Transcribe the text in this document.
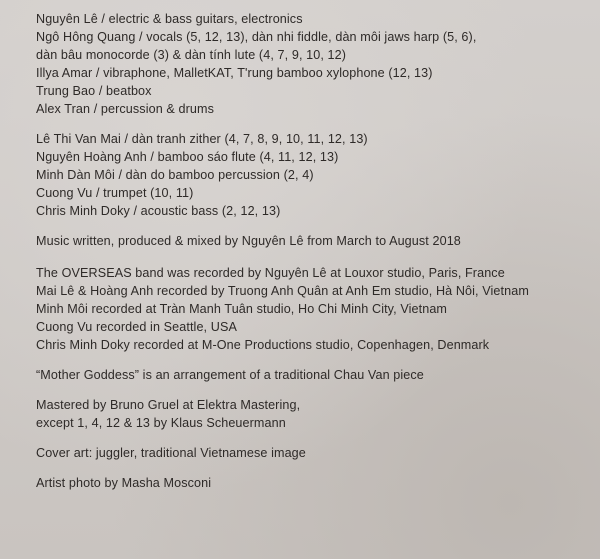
Nguyên Lê / electric & bass guitars, electronics
Ngô Hông Quang / vocals (5, 12, 13), dàn nhi fiddle, dàn môi jaws harp (5, 6),
dàn bâu monocorde (3) & dàn tính lute (4, 7, 9, 10, 12)
Illya Amar / vibraphone, MalletKAT, T'rung bamboo xylophone (12, 13)
Trung Bao / beatbox
Alex Tran / percussion & drums
Lê Thi Van Mai / dàn tranh zither (4, 7, 8, 9, 10, 11, 12, 13)
Nguyên Hoàng Anh / bamboo sáo flute (4, 11, 12, 13)
Minh Dàn Môi / dàn do bamboo percussion (2, 4)
Cuong Vu / trumpet (10, 11)
Chris Minh Doky / acoustic bass (2, 12, 13)
Music written, produced & mixed by Nguyên Lê from March to August 2018
The OVERSEAS band was recorded by Nguyên Lê at Louxor studio, Paris, France
Mai Lê & Hoàng Anh recorded by Truong Anh Quân at Anh Em studio, Hà Nôi, Vietnam
Minh Môi recorded at Tràn Manh Tuân studio, Ho Chi Minh City, Vietnam
Cuong Vu recorded in Seattle, USA
Chris Minh Doky recorded at M-One Productions studio, Copenhagen, Denmark
“Mother Goddess” is an arrangement of a traditional Chau Van piece
Mastered by Bruno Gruel at Elektra Mastering,
except 1, 4, 12 & 13 by Klaus Scheuermann
Cover art: juggler, traditional Vietnamese image
Artist photo by Masha Mosconi
